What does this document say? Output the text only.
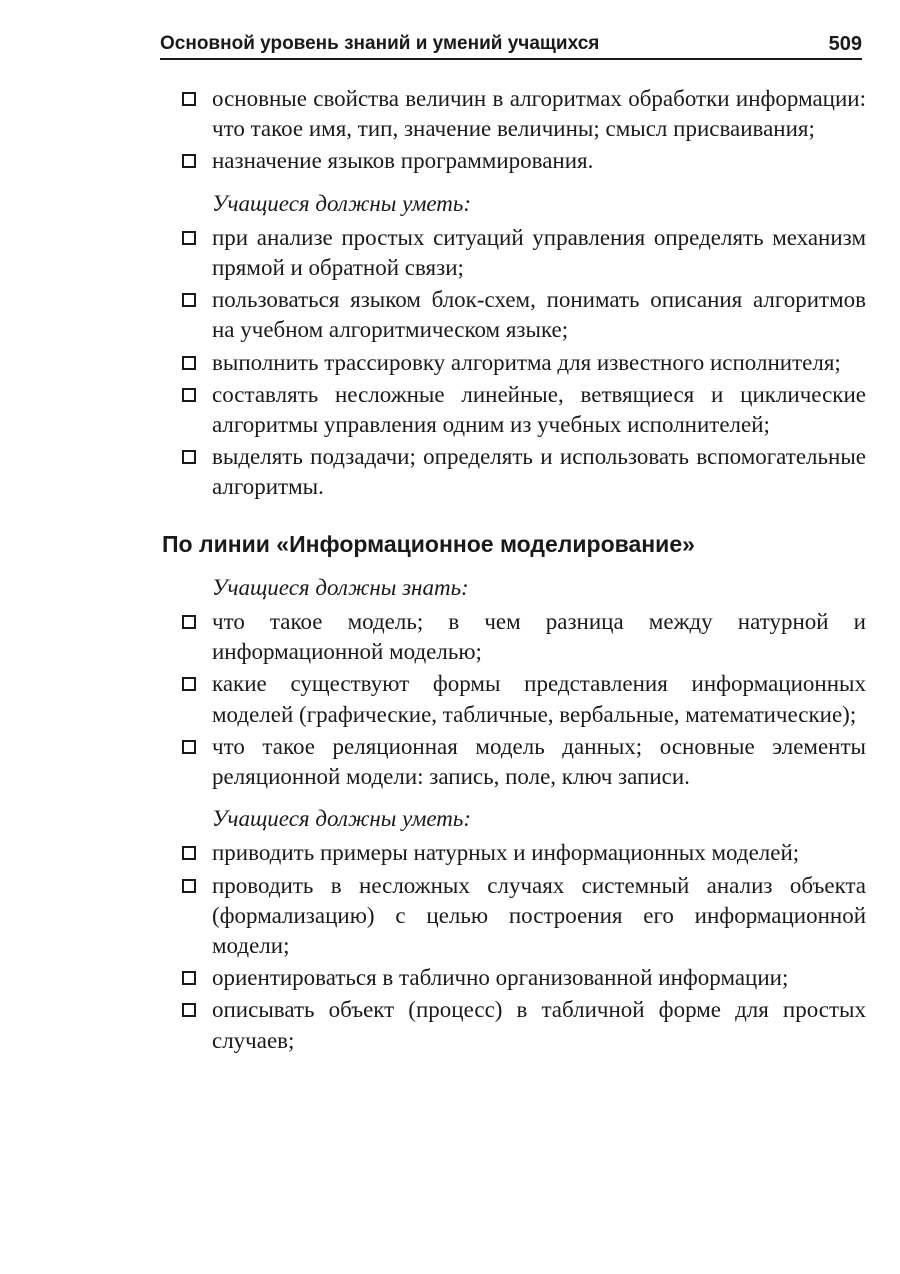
Основной уровень знаний и умений учащихся	509
основные свойства величин в алгоритмах обработки информации: что такое имя, тип, значение величины; смысл присваивания;
назначение языков программирования.
Учащиеся должны уметь:
при анализе простых ситуаций управления определять механизм прямой и обратной связи;
пользоваться языком блок-схем, понимать описания алгоритмов на учебном алгоритмическом языке;
выполнить трассировку алгоритма для известного исполнителя;
составлять несложные линейные, ветвящиеся и циклические алгоритмы управления одним из учебных исполнителей;
выделять подзадачи; определять и использовать вспомогательные алгоритмы.
По линии «Информационное моделирование»
Учащиеся должны знать:
что такое модель; в чем разница между натурной и информационной моделью;
какие существуют формы представления информационных моделей (графические, табличные, вербальные, математические);
что такое реляционная модель данных; основные элементы реляционной модели: запись, поле, ключ записи.
Учащиеся должны уметь:
приводить примеры натурных и информационных моделей;
проводить в несложных случаях системный анализ объекта (формализацию) с целью построения его информационной модели;
ориентироваться в таблично организованной информации;
описывать объект (процесс) в табличной форме для простых случаев;
